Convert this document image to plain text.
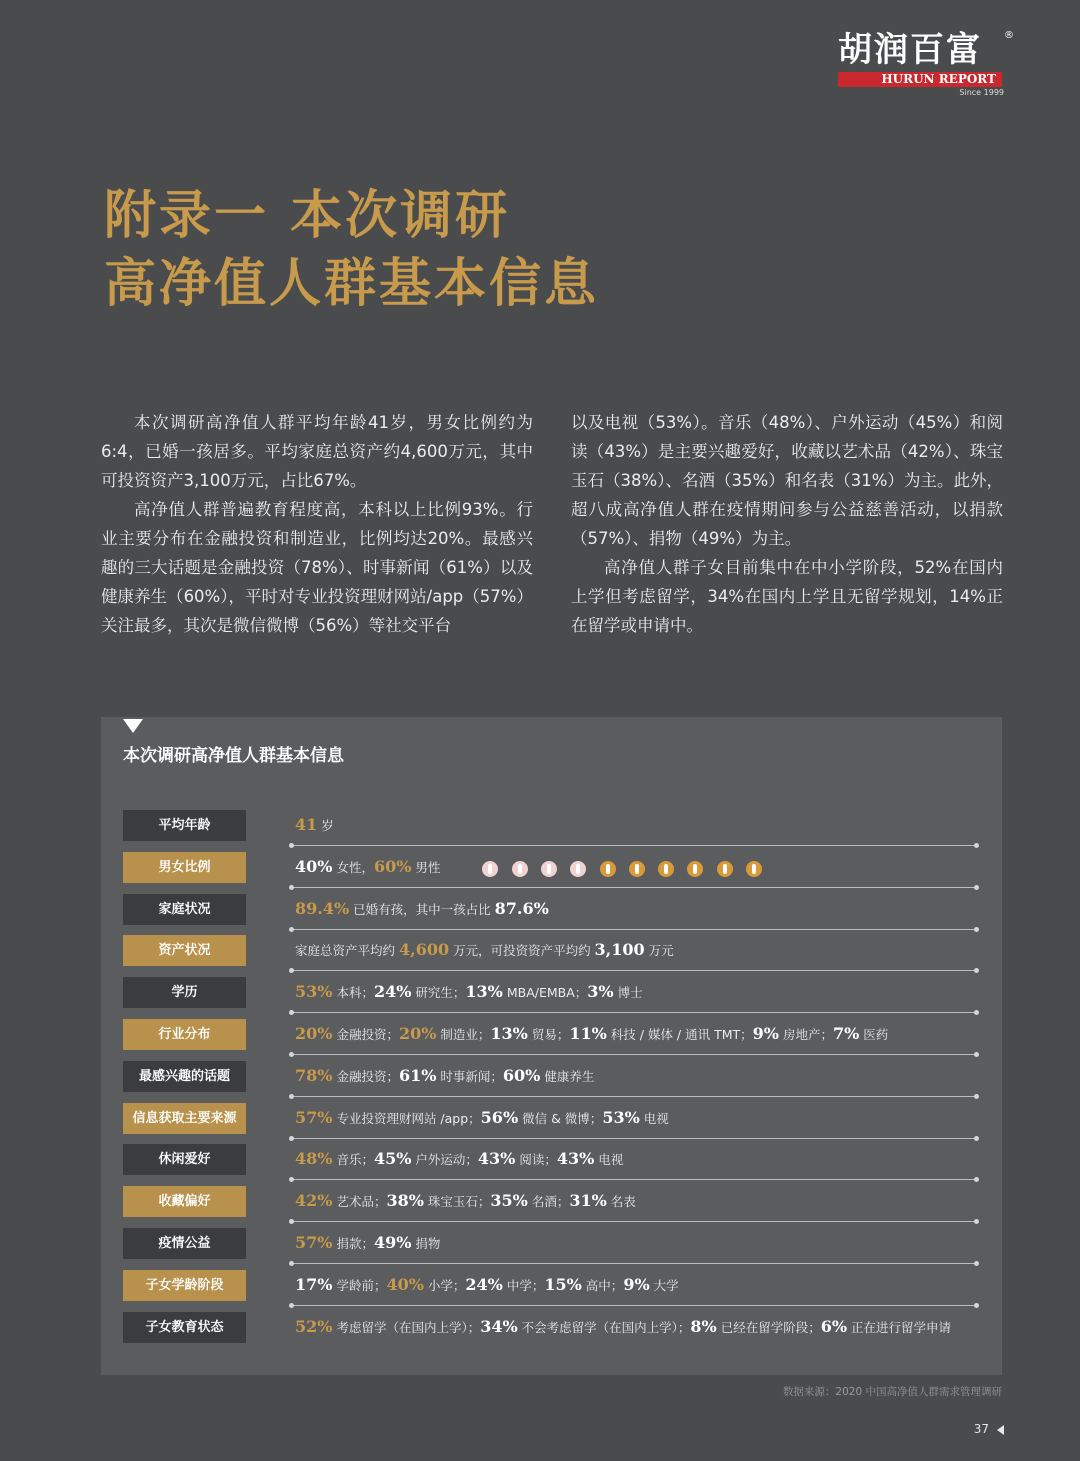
胡润百富	®
HURUN REPORT
Since 1999
附录一 本次调研
高净值人群基本信息

本次调研高净值人群平均年龄41岁，男女比例约为6:4，已婚一孩居多。平均家庭总资产约4,600万元，其中可投资资产3,100万元，占比67%。

高净值人群普遍教育程度高，本科以上比例93%。行业主要分布在金融投资和制造业，比例均达20%。最感兴趣的三大话题是金融投资（78%）、时事新闻（61%）以及健康养生（60%），平时对专业投资理财网站/app（57%）关注最多，其次是微信微博（56%）等社交平台

以及电视（53%）。音乐（48%）、户外运动（45%）和阅读（43%）是主要兴趣爱好，收藏以艺术品（42%）、珠宝玉石（38%）、名酒（35%）和名表（31%）为主。此外，超八成高净值人群在疫情期间参与公益慈善活动，以捐款（57%）、捐物（49%）为主。

高净值人群子女目前集中在中小学阶段，52%在国内上学但考虑留学，34%在国内上学且无留学规划，14%正在留学或申请中。

本次调研高净值人群基本信息
平均年龄	41 岁
男女比例	40% 女性，60% 男性
家庭状况	89.4% 已婚有孩，其中一孩占比 87.6%
资产状况	家庭总资产平均约 4,600 万元，可投资资产平均约 3,100 万元
学历	53% 本科；24% 研究生；13% MBA/EMBA；3% 博士
行业分布	20% 金融投资；20% 制造业；13% 贸易；11% 科技 / 媒体 / 通讯 TMT；9% 房地产；7% 医药
最感兴趣的话题	78% 金融投资；61% 时事新闻；60% 健康养生
信息获取主要来源	57% 专业投资理财网站 /app；56% 微信 & 微博；53% 电视
休闲爱好	48% 音乐；45% 户外运动；43% 阅读；43% 电视
收藏偏好	42% 艺术品；38% 珠宝玉石；35% 名酒；31% 名表
疫情公益	57% 捐款；49% 捐物
子女学龄阶段	17% 学龄前；40% 小学；24% 中学；15% 高中；9% 大学
子女教育状态	52% 考虑留学（在国内上学）；34% 不会考虑留学（在国内上学）；8% 已经在留学阶段；6% 正在进行留学申请
数据来源：2020 中国高净值人群需求管理调研
37
